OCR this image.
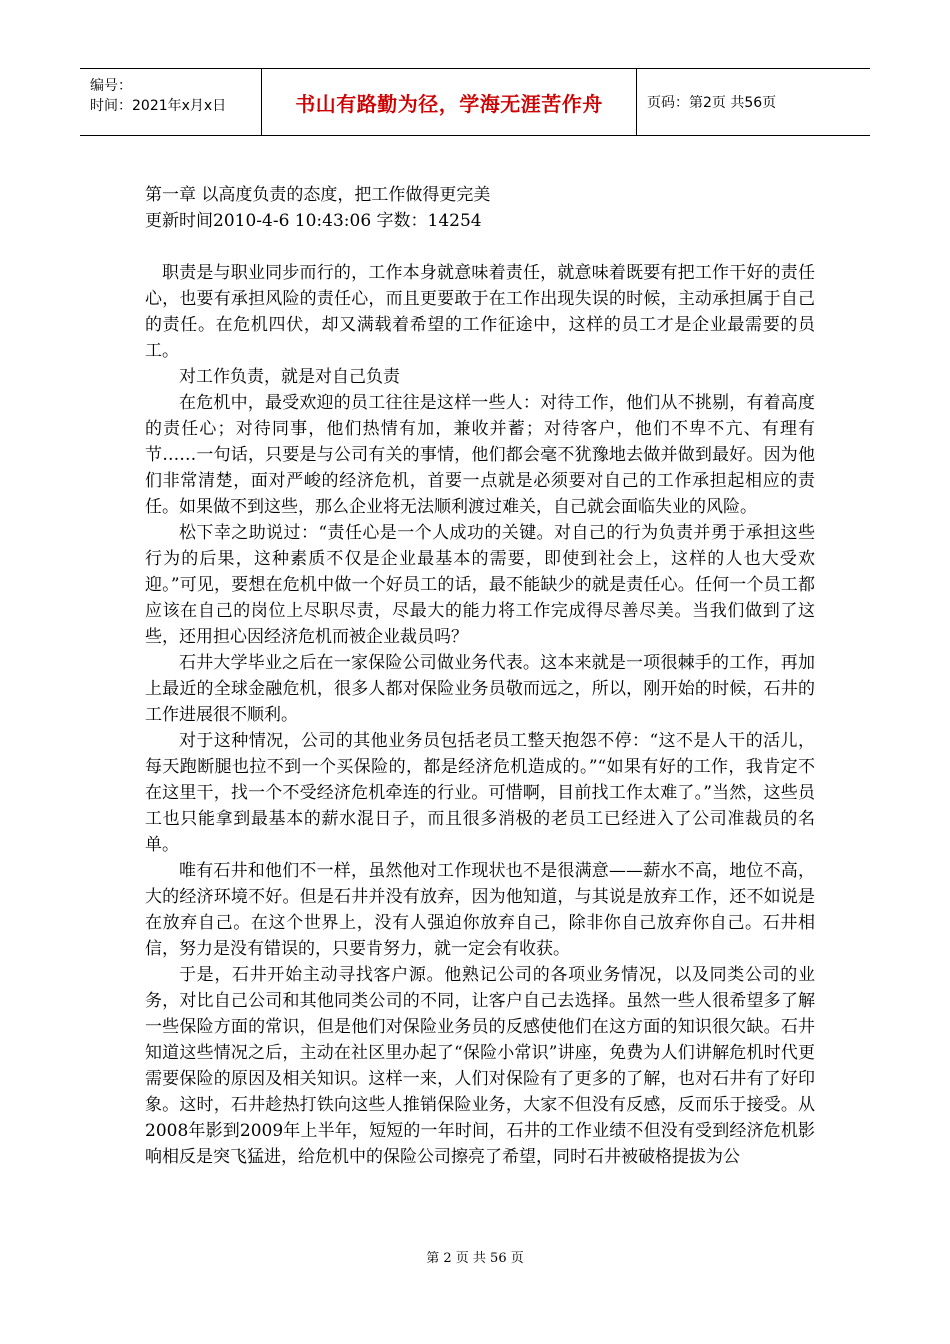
编号：
时间：2021年x月x日	书山有路勤为径，学海无涯苦作舟	页码：第2页 共56页
第一章 以高度负责的态度，把工作做得更完美
更新时间2010-4-6 10:43:06 字数：14254

职责是与职业同步而行的，工作本身就意味着责任，就意味着既要有把工作干好的责任心，也要有承担风险的责任心，而且更要敢于在工作出现失误的时候，主动承担属于自己的责任。在危机四伏，却又满载着希望的工作征途中，这样的员工才是企业最需要的员工。

对工作负责，就是对自己负责

在危机中，最受欢迎的员工往往是这样一些人：对待工作，他们从不挑剔，有着高度的责任心；对待同事，他们热情有加，兼收并蓄；对待客户，他们不卑不亢、有理有节……一句话，只要是与公司有关的事情，他们都会毫不犹豫地去做并做到最好。因为他们非常清楚，面对严峻的经济危机，首要一点就是必须要对自己的工作承担起相应的责任。如果做不到这些，那么企业将无法顺利渡过难关，自己就会面临失业的风险。

松下幸之助说过：“责任心是一个人成功的关键。对自己的行为负责并勇于承担这些行为的后果，这种素质不仅是企业最基本的需要，即使到社会上，这样的人也大受欢迎。”可见，要想在危机中做一个好员工的话，最不能缺少的就是责任心。任何一个员工都应该在自己的岗位上尽职尽责，尽最大的能力将工作完成得尽善尽美。当我们做到了这些，还用担心因经济危机而被企业裁员吗？

石井大学毕业之后在一家保险公司做业务代表。这本来就是一项很棘手的工作，再加上最近的全球金融危机，很多人都对保险业务员敬而远之，所以，刚开始的时候，石井的工作进展很不顺利。

对于这种情况，公司的其他业务员包括老员工整天抱怨不停：“这不是人干的活儿，每天跑断腿也拉不到一个买保险的，都是经济危机造成的。”“如果有好的工作，我肯定不在这里干，找一个不受经济危机牵连的行业。可惜啊，目前找工作太难了。”当然，这些员工也只能拿到最基本的薪水混日子，而且很多消极的老员工已经进入了公司准裁员的名单。

唯有石井和他们不一样，虽然他对工作现状也不是很满意——薪水不高，地位不高，大的经济环境不好。但是石井并没有放弃，因为他知道，与其说是放弃工作，还不如说是在放弃自己。在这个世界上，没有人强迫你放弃自己，除非你自己放弃你自己。石井相信，努力是没有错误的，只要肯努力，就一定会有收获。

于是，石井开始主动寻找客户源。他熟记公司的各项业务情况，以及同类公司的业务，对比自己公司和其他同类公司的不同，让客户自己去选择。虽然一些人很希望多了解一些保险方面的常识，但是他们对保险业务员的反感使他们在这方面的知识很欠缺。石井知道这些情况之后，主动在社区里办起了“保险小常识”讲座，免费为人们讲解危机时代更需要保险的原因及相关知识。这样一来，人们对保险有了更多的了解，也对石井有了好印象。这时，石井趁热打铁向这些人推销保险业务，大家不但没有反感，反而乐于接受。从2008年影到2009年上半年，短短的一年时间，石井的工作业绩不但没有受到经济危机影响相反是突飞猛进，给危机中的保险公司擦亮了希望，同时石井被破格提拔为公

第 2 页 共 56 页
